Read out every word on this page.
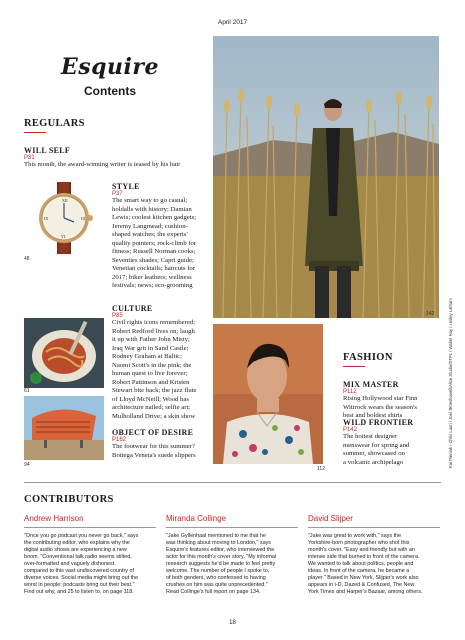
April 2017
Esquire
Contents
REGULARS
WILL SELF
P31
This month, the award-winning writer is teased by his hair
STYLE
P37
The smart way to go casual;
holdalls with history; Damian
Lewis; coolest kitchen gadgets;
Jeremy Langmead; cushion-
shaped watches; the experts'
quality pointers; rock-climb for
fitness; Russell Norman cooks;
Seventies shades; Capri guide;
Venetian cocktails; haircuts for
2017; biker leathers; wellness
festivals; news; eco-grooming
XII
III
VI
IX
48
CULTURE
P85
Civil rights icons remembered;
Robert Redford lives on; laugh
it up with Father John Misty;
Iraq War grit in Sand Castle;
Rodney Graham at Baltic;
Naomi Scott's in the pink; the
human quest to live forever;
Robert Pattinson and Kristen
Stewart bite back; the jazz flute
of Lloyd McNeill; Wood has
architecture nailed; selfie art;
Mulholland Drive; a skin show
OBJECT OF DESIRE
P162
The footwear for this summer?
Bottega Veneta's suede slippers
61
94
142
112
Kai Pieniak / Chris Lauri / Joel Tetteshowell/Alice Studio/DTPL / Walter Hay / Lesley Latham
FASHION
MIX MASTER
P112
Rising Hollywood star Finn
Wittrock wears the season's
best and boldest shirts
WILD FRONTIER
P142
The hottest designer
menswear for spring and
summer, showcased on
a volcanic archipelago
CONTRIBUTORS
Andrew Harrison
"Once you go podcast you never go back," says
the contributing editor, who explains why the
digital audio shows are experiencing a new
boom. "Conventional talk radio seems stilted,
over-formatted and vaguely dishonest
compared to this vast undiscovered country of
diverse voices. Social media might bring out the
worst in people; podcasts bring out their best."
Find out why, and 25 to listen to, on page 118.
Miranda Collinge
"Jake Gyllenhaal mentioned to me that he
was thinking about moving to London," says
Esquire's features editor, who interviewed the
actor for this month's cover story. "My informal
research suggests he'd be made to feel pretty
welcome. The number of people I spoke to,
of both genders, who confessed to having
crushes on him was quite unprecedented."
Read Collinge's full report on page 134.
David Slijper
"Jake was great to work with," says the
Yorkshire-born photographer who shot this
month's cover. "Easy and friendly but with an
intense side that burned in front of the camera.
We wanted to talk about politics, people and
ideas. In front of the camera, he became a
player." Based in New York, Slijper's work also
appears in i-D, Dazed & Confused, The New
York Times and Harper's Bazaar, among others.
18
